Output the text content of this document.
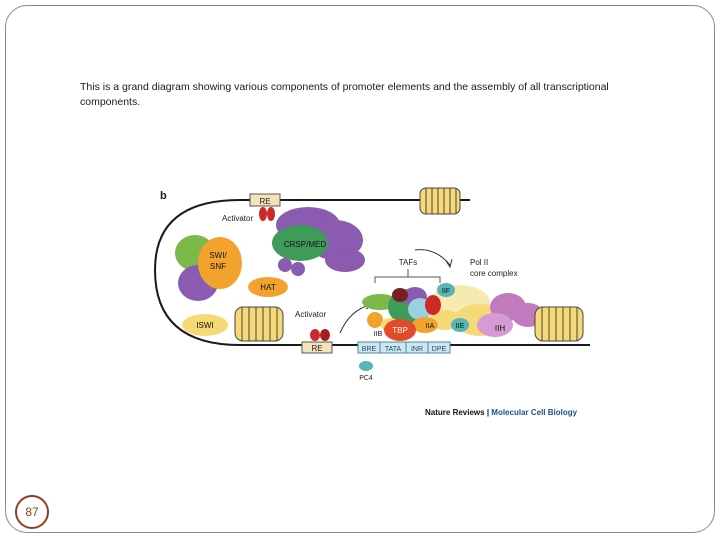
This is a grand diagram showing various components of promoter elements and the assembly of all transcriptional components.
b	RE
Activator
CRSP/MED
SWI/
SNF
HAT
ISWI
Activator
RE
TAFs	Pol II
core complex
IIH
IIF
IIA
TBP
IIB
IIE
BRE TATA INR DPE
PC4
Nature Reviews | Molecular Cell Biology
87
